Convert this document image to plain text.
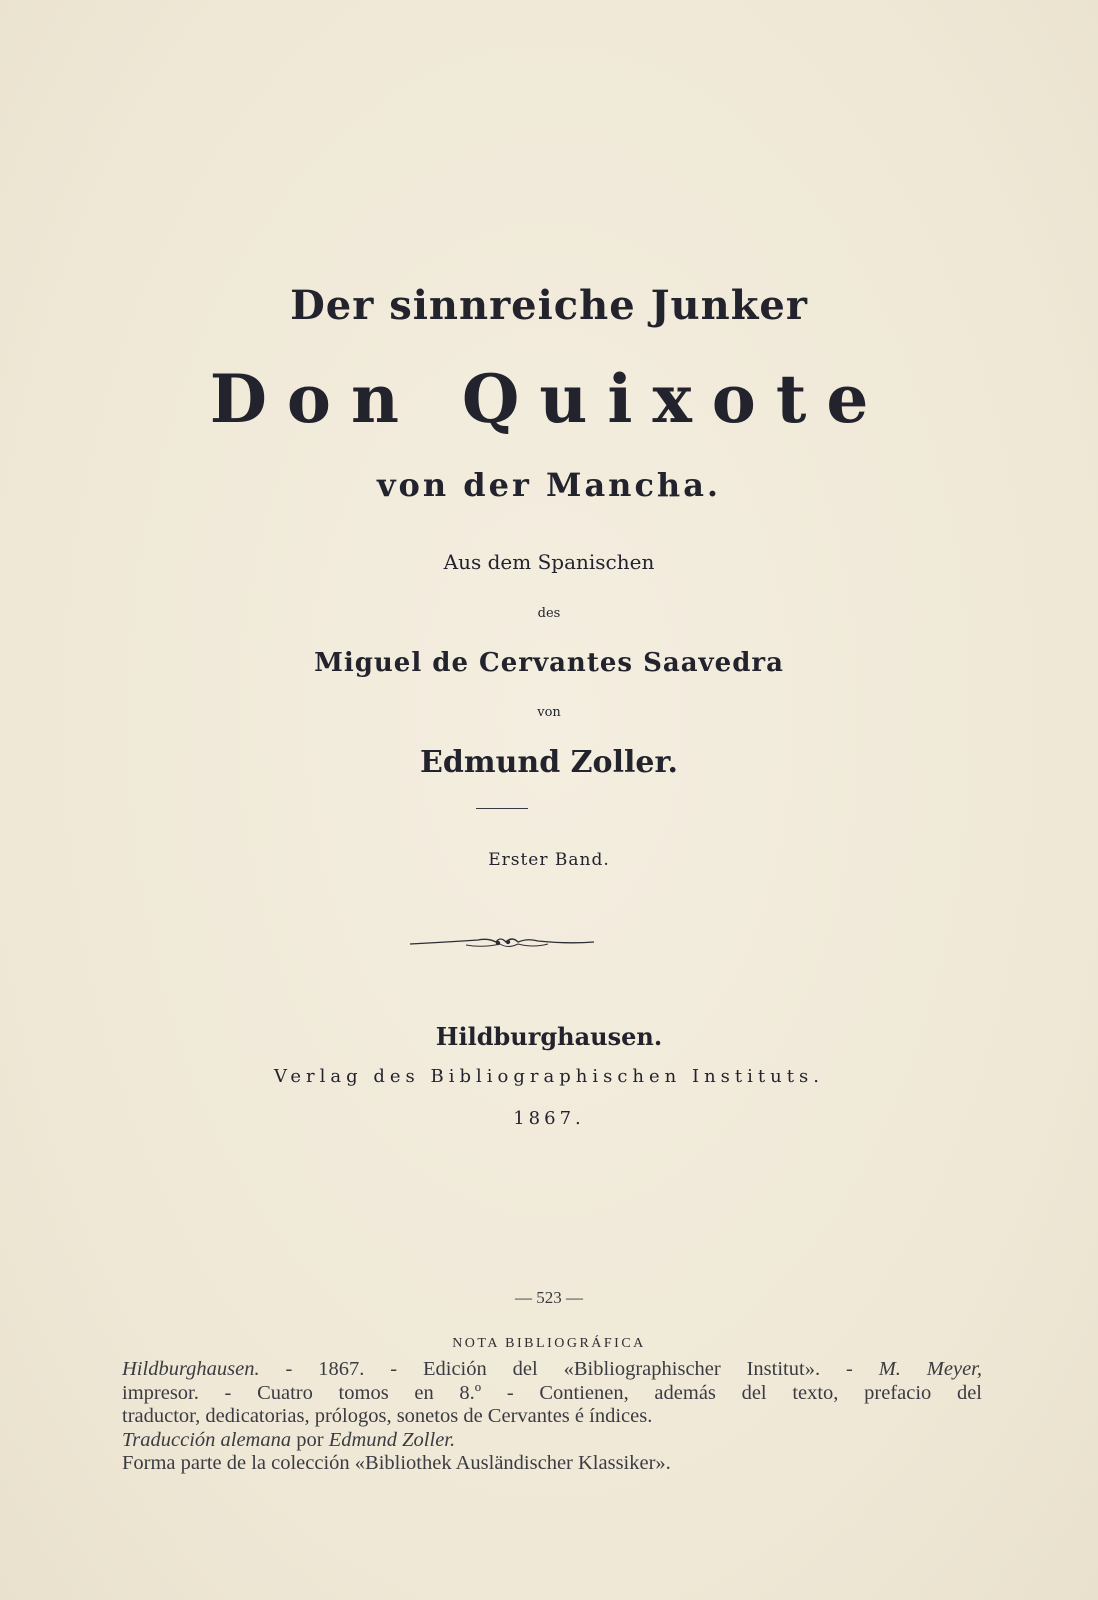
Der sinnreiche Junker
Don Quixote
von der Mancha.
Aus dem Spanischen
des
Miguel de Cervantes Saavedra
von
Edmund Zoller.
Erster Band.
Hildburghausen.
Verlag des Bibliographischen Instituts.
1867.
— 523 —
NOTA BIBLIOGRÁFICA
Hildburghausen. - 1867. - Edición del «Bibliographischer Institut». - M. Meyer,
impresor. - Cuatro tomos en 8.º - Contienen, además del texto, prefacio del
traductor, dedicatorias, prólogos, sonetos de Cervantes é índices.
Traducción alemana por Edmund Zoller.
Forma parte de la colección «Bibliothek Ausländischer Klassiker».
